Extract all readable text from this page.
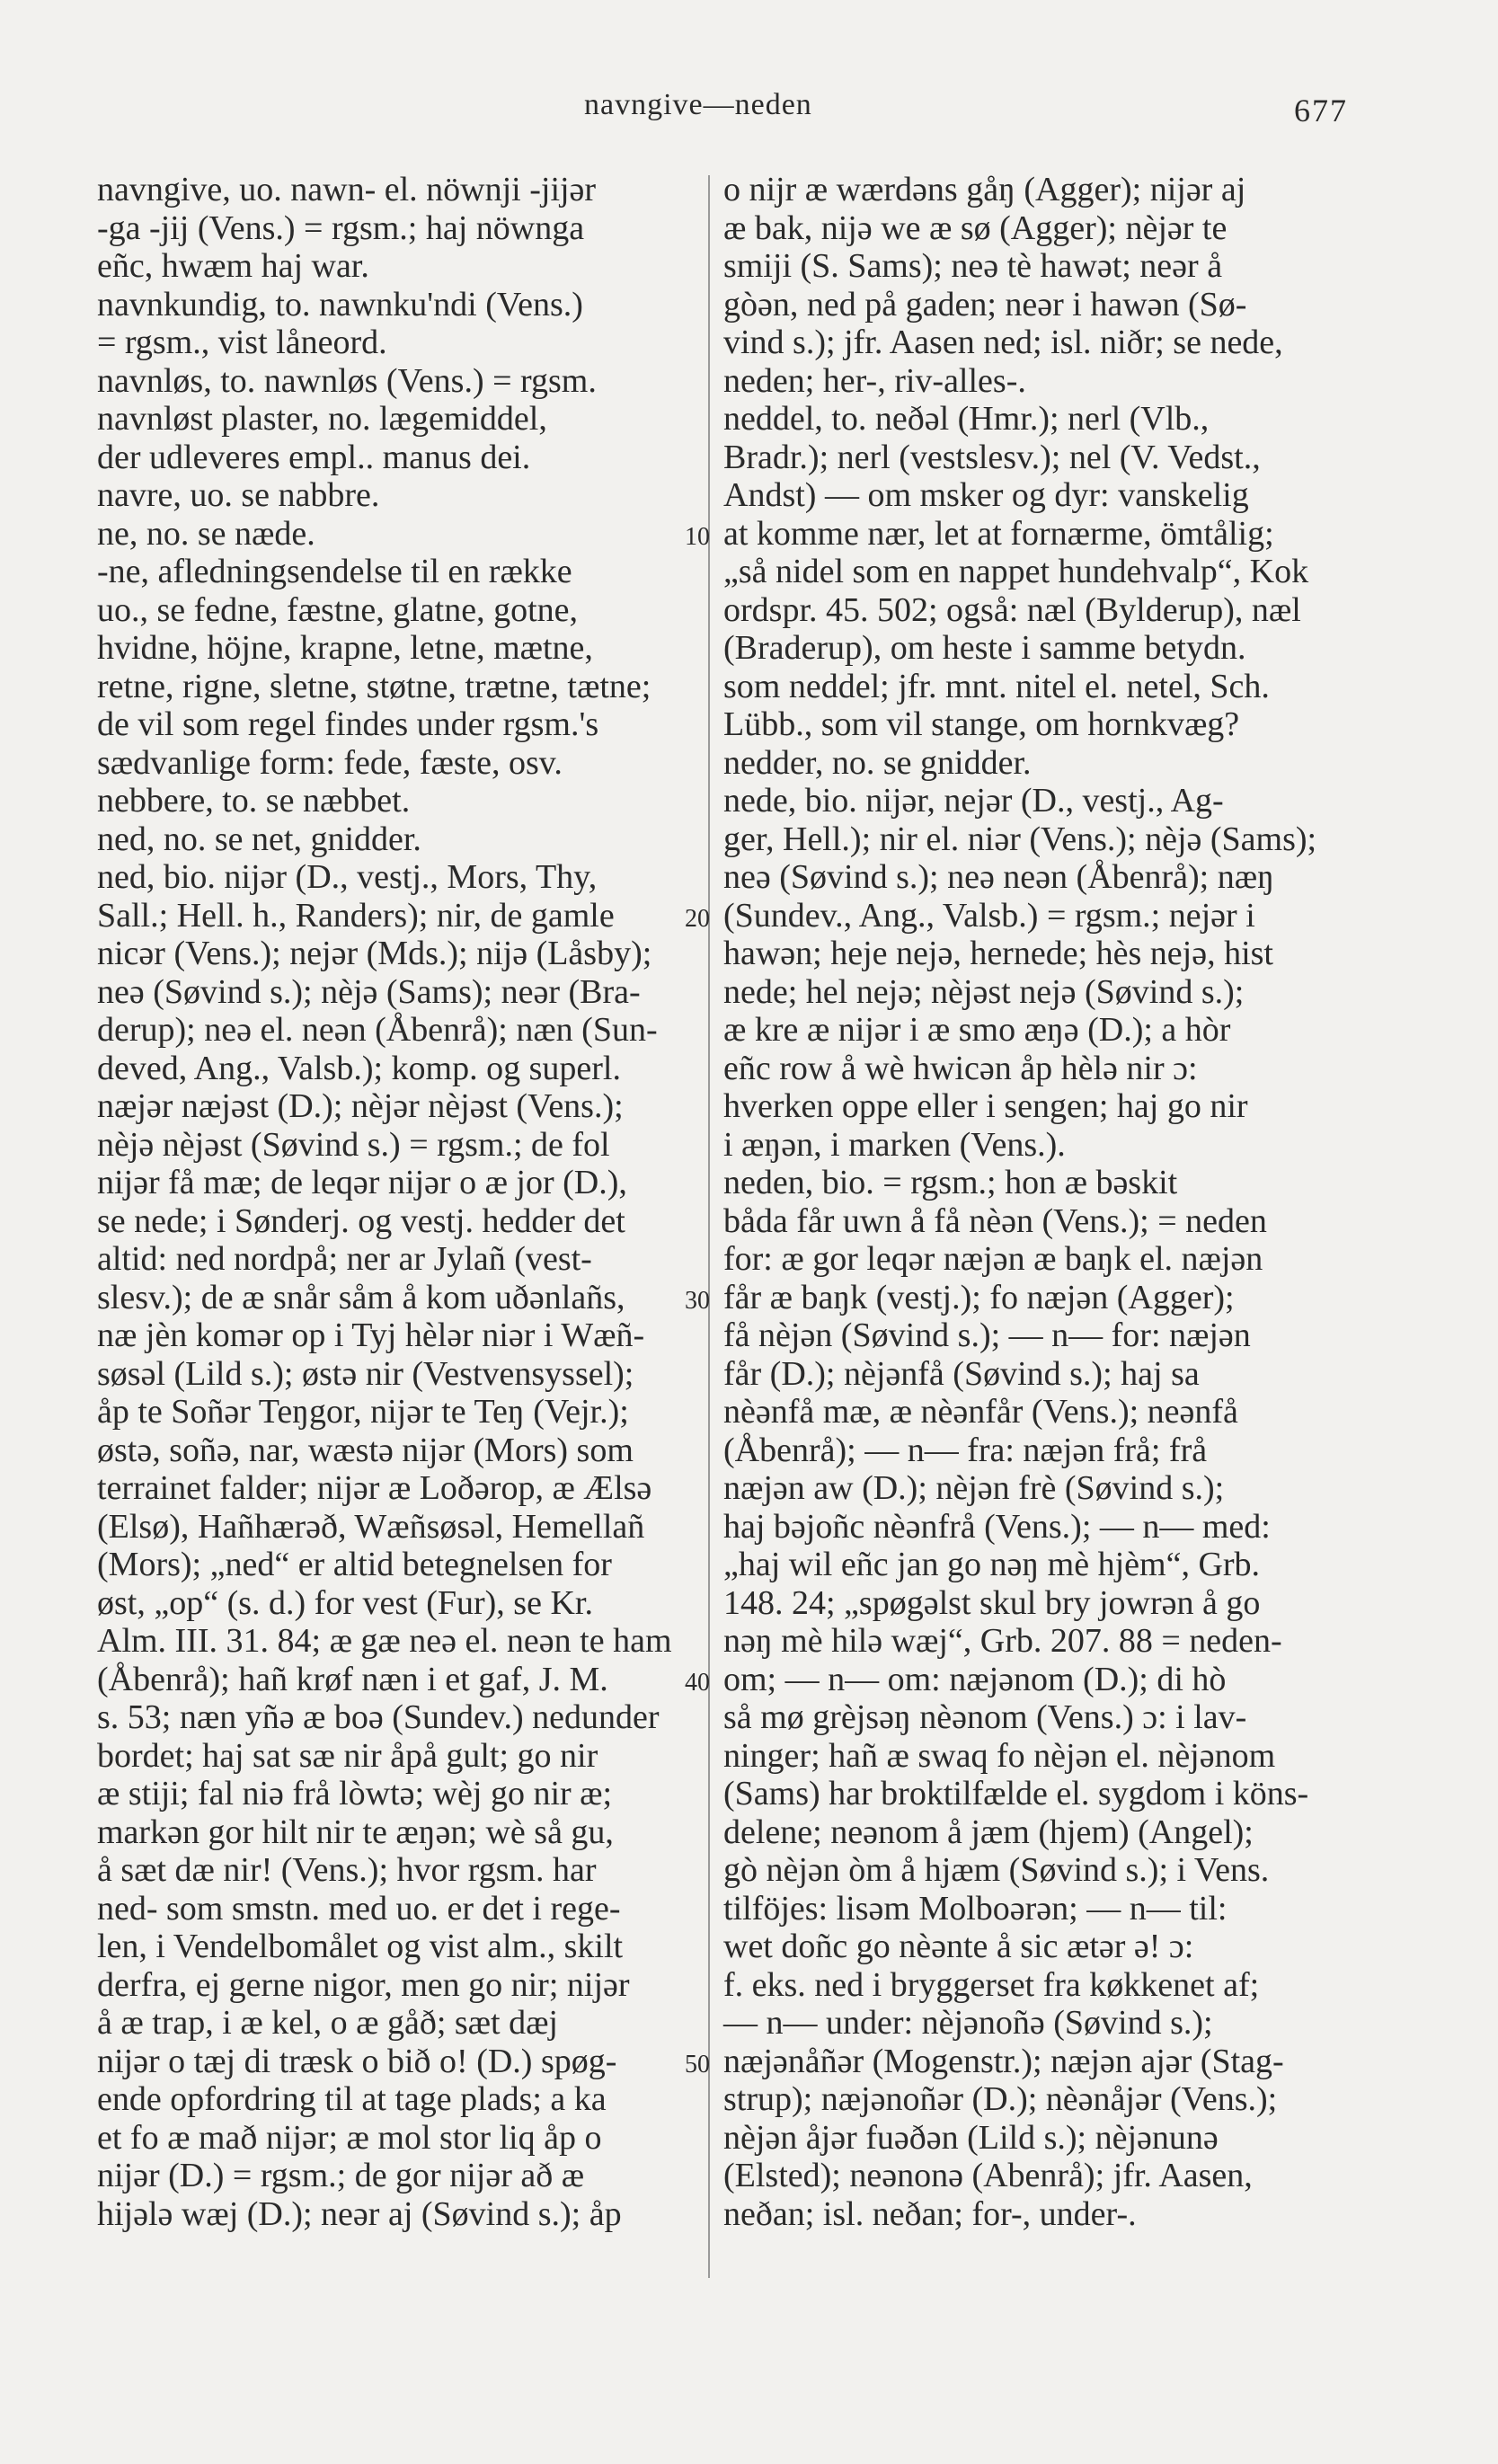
navngive—neden	677
navngive, uo. nawn- el. nöwnji -jijər
-ga -jij (Vens.) = rgsm.; haj nöwnga
eñc, hwæm haj war.
navnkundig, to. nawnku'ndi (Vens.)
= rgsm., vist låneord.
navnløs, to. nawnløs (Vens.) = rgsm.
navnløst plaster, no. lægemiddel,
der udleveres empl.. manus dei.
navre, uo. se nabbre.
ne, no. se næde.
-ne, afledningsendelse til en række
uo., se fedne, fæstne, glatne, gotne,
hvidne, höjne, krapne, letne, mætne,
retne, rigne, sletne, støtne, trætne, tætne;
de vil som regel findes under rgsm.'s
sædvanlige form: fede, fæste, osv.
nebbere, to. se næbbet.
ned, no. se net, gnidder.
ned, bio. nijər (D., vestj., Mors, Thy,
Sall.; Hell. h., Randers); nir, de gamle
nicər (Vens.); nejər (Mds.); nijə (Låsby);
neə (Søvind s.); nèjə (Sams); neər (Bra-
derup); neə el. neən (Åbenrå); næn (Sun-
deved, Ang., Valsb.); komp. og superl.
næjər næjəst (D.); nèjər nèjəst (Vens.);
nèjə nèjəst (Søvind s.) = rgsm.; de fol
nijər få mæ; de leqər nijər o æ jor (D.),
se nede; i Sønderj. og vestj. hedder det
altid: ned nordpå; ner ar Jylañ (vest-
slesv.); de æ snår såm å kom uðənlañs,
næ jèn komər op i Tyj hèlər niər i Wæñ-
søsəl (Lild s.); østə nir (Vestvensyssel);
åp te Soñər Teŋgor, nijər te Teŋ (Vejr.);
østə, soñə, nar, wæstə nijər (Mors) som
terrainet falder; nijər æ Loðərop, æ Ælsə
(Elsø), Hañhærəð, Wæñsøsəl, Hemellañ
(Mors); „ned“ er altid betegnelsen for
øst, „op“ (s. d.) for vest (Fur), se Kr.
Alm. III. 31. 84; æ gæ neə el. neən te ham
(Åbenrå); hañ krøf næn i et gaf, J. M.
s. 53; næn yñə æ boə (Sundev.) nedunder
bordet; haj sat sæ nir åpå gult; go nir
æ stiji; fal niə frå lòwtə; wèj go nir æ;
markən gor hilt nir te æŋən; wè så gu,
å sæt dæ nir! (Vens.); hvor rgsm. har
ned- som smstn. med uo. er det i rege-
len, i Vendelbomålet og vist alm., skilt
derfra, ej gerne nigor, men go nir; nijər
å æ trap, i æ kel, o æ gåð; sæt dæj
nijər o tæj di træsk o bið o! (D.) spøg-
ende opfordring til at tage plads; a ka
et fo æ mað nijər; æ mol stor liq åp o
nijər (D.) = rgsm.; de gor nijər að æ
hijələ wæj (D.); neər aj (Søvind s.); åp
o nijr æ wærdəns gåŋ (Agger); nijər aj
æ bak, nijə we æ sø (Agger); nèjər te
smiji (S. Sams); neə tè hawət; neər å
gòən, ned på gaden; neər i hawən (Sø-
vind s.); jfr. Aasen ned; isl. niðr; se nede,
neden; her-, riv-alles-.
neddel, to. neðəl (Hmr.); nerl (Vlb.,
Bradr.); nerl (vestslesv.); nel (V. Vedst.,
Andst) — om msker og dyr: vanskelig
at komme nær, let at fornærme, ömtålig;
„så nidel som en nappet hundehvalp“, Kok
ordspr. 45. 502; også: næl (Bylderup), næl
(Braderup), om heste i samme betydn.
som neddel; jfr. mnt. nitel el. netel, Sch.
Lübb., som vil stange, om hornkvæg?
nedder, no. se gnidder.
nede, bio. nijər, nejər (D., vestj., Ag-
ger, Hell.); nir el. niər (Vens.); nèjə (Sams);
neə (Søvind s.); neə neən (Åbenrå); næŋ
(Sundev., Ang., Valsb.) = rgsm.; nejər i
hawən; heje nejə, hernede; hès nejə, hist
nede; hel nejə; nèjəst nejə (Søvind s.);
æ kre æ nijər i æ smo æŋə (D.); a hòr
eñc row å wè hwicən åp hèlə nir ɔ:
hverken oppe eller i sengen; haj go nir
i æŋən, i marken (Vens.).
neden, bio. = rgsm.; hon æ bəskit
båda får uwn å få nèən (Vens.); = neden
for: æ gor leqər næjən æ baŋk el. næjən
får æ baŋk (vestj.); fo næjən (Agger);
få nèjən (Søvind s.); — n— for: næjən
får (D.); nèjənfå (Søvind s.); haj sa
nèənfå mæ, æ nèənfår (Vens.); neənfå
(Åbenrå); — n— fra: næjən frå; frå
næjən aw (D.); nèjən frè (Søvind s.);
haj bəjoñc nèənfrå (Vens.); — n— med:
„haj wil eñc jan go nəŋ mè hjèm“, Grb.
148. 24; „spøgəlst skul bry jowrən å go
nəŋ mè hilə wæj“, Grb. 207. 88 = neden-
om; — n— om: næjənom (D.); di hò
så mø grèjsəŋ nèənom (Vens.) ɔ: i lav-
ninger; hañ æ swaq fo nèjən el. nèjənom
(Sams) har broktilfælde el. sygdom i köns-
delene; neənom å jæm (hjem) (Angel);
gò nèjən òm å hjæm (Søvind s.); i Vens.
tilföjes: lisəm Molboərən; — n— til:
wet doñc go nèənte å sic ætər ə! ɔ:
f. eks. ned i bryggerset fra køkkenet af;
— n— under: nèjənoñə (Søvind s.);
næjənåñər (Mogenstr.); næjən ajər (Stag-
strup); næjənoñər (D.); nèənåjər (Vens.);
nèjən åjər fuəðən (Lild s.); nèjənunə
(Elsted); neənonə (Abenrå); jfr. Aasen,
neðan; isl. neðan; for-, under-.
10
20
30
40
50
